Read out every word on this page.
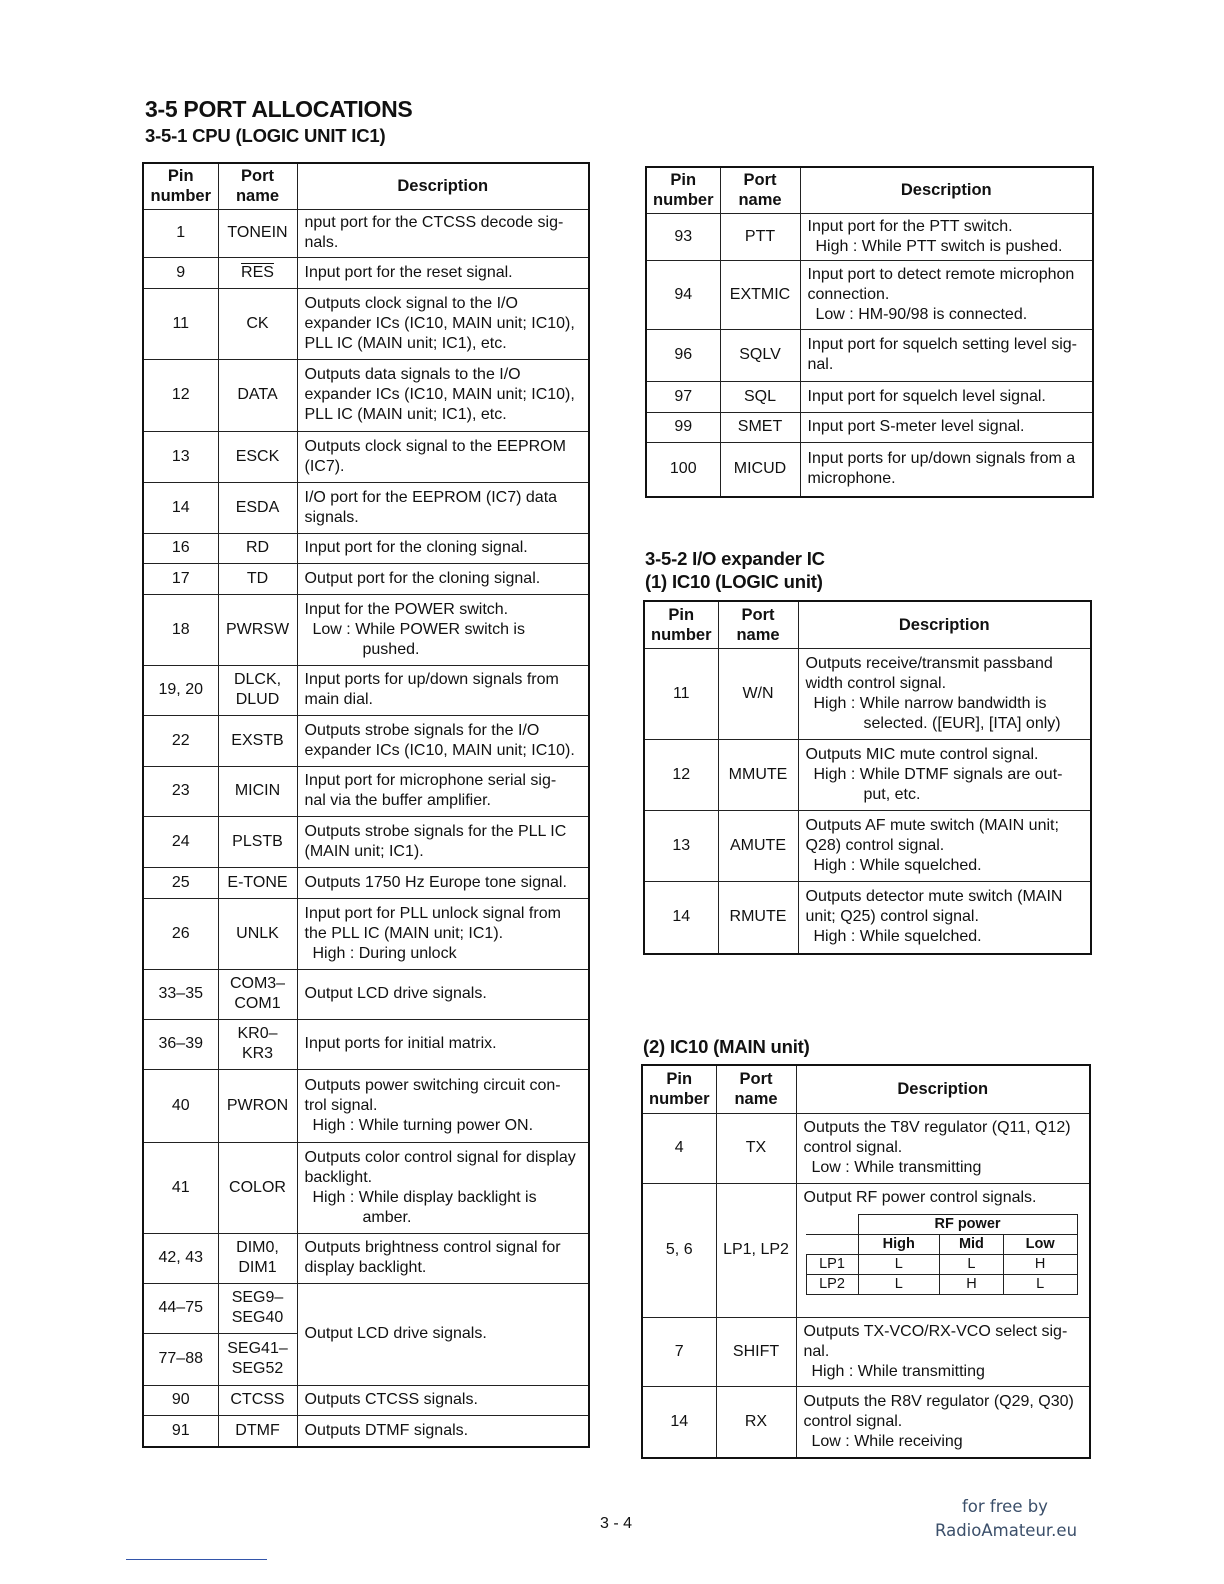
3-5 PORT ALLOCATIONS
3-5-1 CPU (LOGIC UNIT IC1)
Pin
number	Port
name	Description
1	TONEIN	nput port for the CTCSS decode sig-
nals.

9	$\overline{RES}$	Input port for the reset signal.

11	CK	Outputs clock signal to the I/O
expander ICs (IC10, MAIN unit; IC10),
PLL IC (MAIN unit; IC1), etc.

12	DATA	Outputs data signals to the I/O
expander ICs (IC10, MAIN unit; IC10),
PLL IC (MAIN unit; IC1), etc.

13	ESCK	Outputs clock signal to the EEPROM
(IC7).

14	ESDA	I/O port for the EEPROM (IC7) data
signals.

16	RD	Input port for the cloning signal.

17	TD	Output port for the cloning signal.

18	PWRSW	Input for the POWER switch.
Low : While POWER switch is
pushed.

19, 20	DLCK, DLUD	Input ports for up/down signals from
main dial.

22	EXSTB	Outputs strobe signals for the I/O
expander ICs (IC10, MAIN unit; IC10).

23	MICIN	Input port for microphone serial sig-
nal via the buffer amplifier.

24	PLSTB	Outputs strobe signals for the PLL IC
(MAIN unit; IC1).

25	E-TONE	Outputs 1750 Hz Europe tone signal.

26	UNLK	Input port for PLL unlock signal from
the PLL IC (MAIN unit; IC1).
High : During unlock

33–35	COM3– COM1	Output LCD drive signals.

36–39	KR0– KR3	Input ports for initial matrix.

40	PWRON	Outputs power switching circuit con-
trol signal.
High : While turning power ON.

41	COLOR	Outputs color control signal for display
backlight.
High : While display backlight is
amber.

42, 43	DIM0, DIM1	Outputs brightness control signal for
display backlight.

44–75	SEG9– SEG40	Output LCD drive signals.

77–88	SEG41– SEG52	
90	CTCSS	Outputs CTCSS signals.

91	DTMF	Outputs DTMF signals.
Pin
number	Port
name	Description
93	PTT	Input port for the PTT switch.
High : While PTT switch is pushed.

94	EXTMIC	Input port to detect remote microphon
connection.
Low : HM-90/98 is connected.

96	SQLV	Input port for squelch setting level sig-
nal.

97	SQL	Input port for squelch level signal.

99	SMET	Input port S-meter level signal.

100	MICUD	Input ports for up/down signals from a
microphone.
3-5-2 I/O expander IC
(1) IC10 (LOGIC unit)
Pin
number	Port
name	Description
11	W/N	Outputs receive/transmit passband
width control signal.
High : While narrow bandwidth is
selected. ([EUR], [ITA] only)

12	MMUTE	Outputs MIC mute control signal.
High : While DTMF signals are out-
put, etc.

13	AMUTE	Outputs AF mute switch (MAIN unit;
Q28) control signal.
High : While squelched.

14	RMUTE	Outputs detector mute switch (MAIN
unit; Q25) control signal.
High : While squelched.
(2) IC10 (MAIN unit)
Pin
number	Port
name	Description
4	TX	
Outputs the T8V regulator (Q11, Q12)
control signal.
Low : While transmitting

5, 6	LP1, LP2	
Output RF power control signals.
	RF power
	High	Mid	Low
LP1	L	L	H
LP2	L	H	L

7	SHIFT	
Outputs TX-VCO/RX-VCO select sig-
nal.
High : While transmitting

14	RX	
Outputs the R8V regulator (Q29, Q30)
control signal.
Low : While receiving
3 - 4
for free by
RadioAmateur.eu
